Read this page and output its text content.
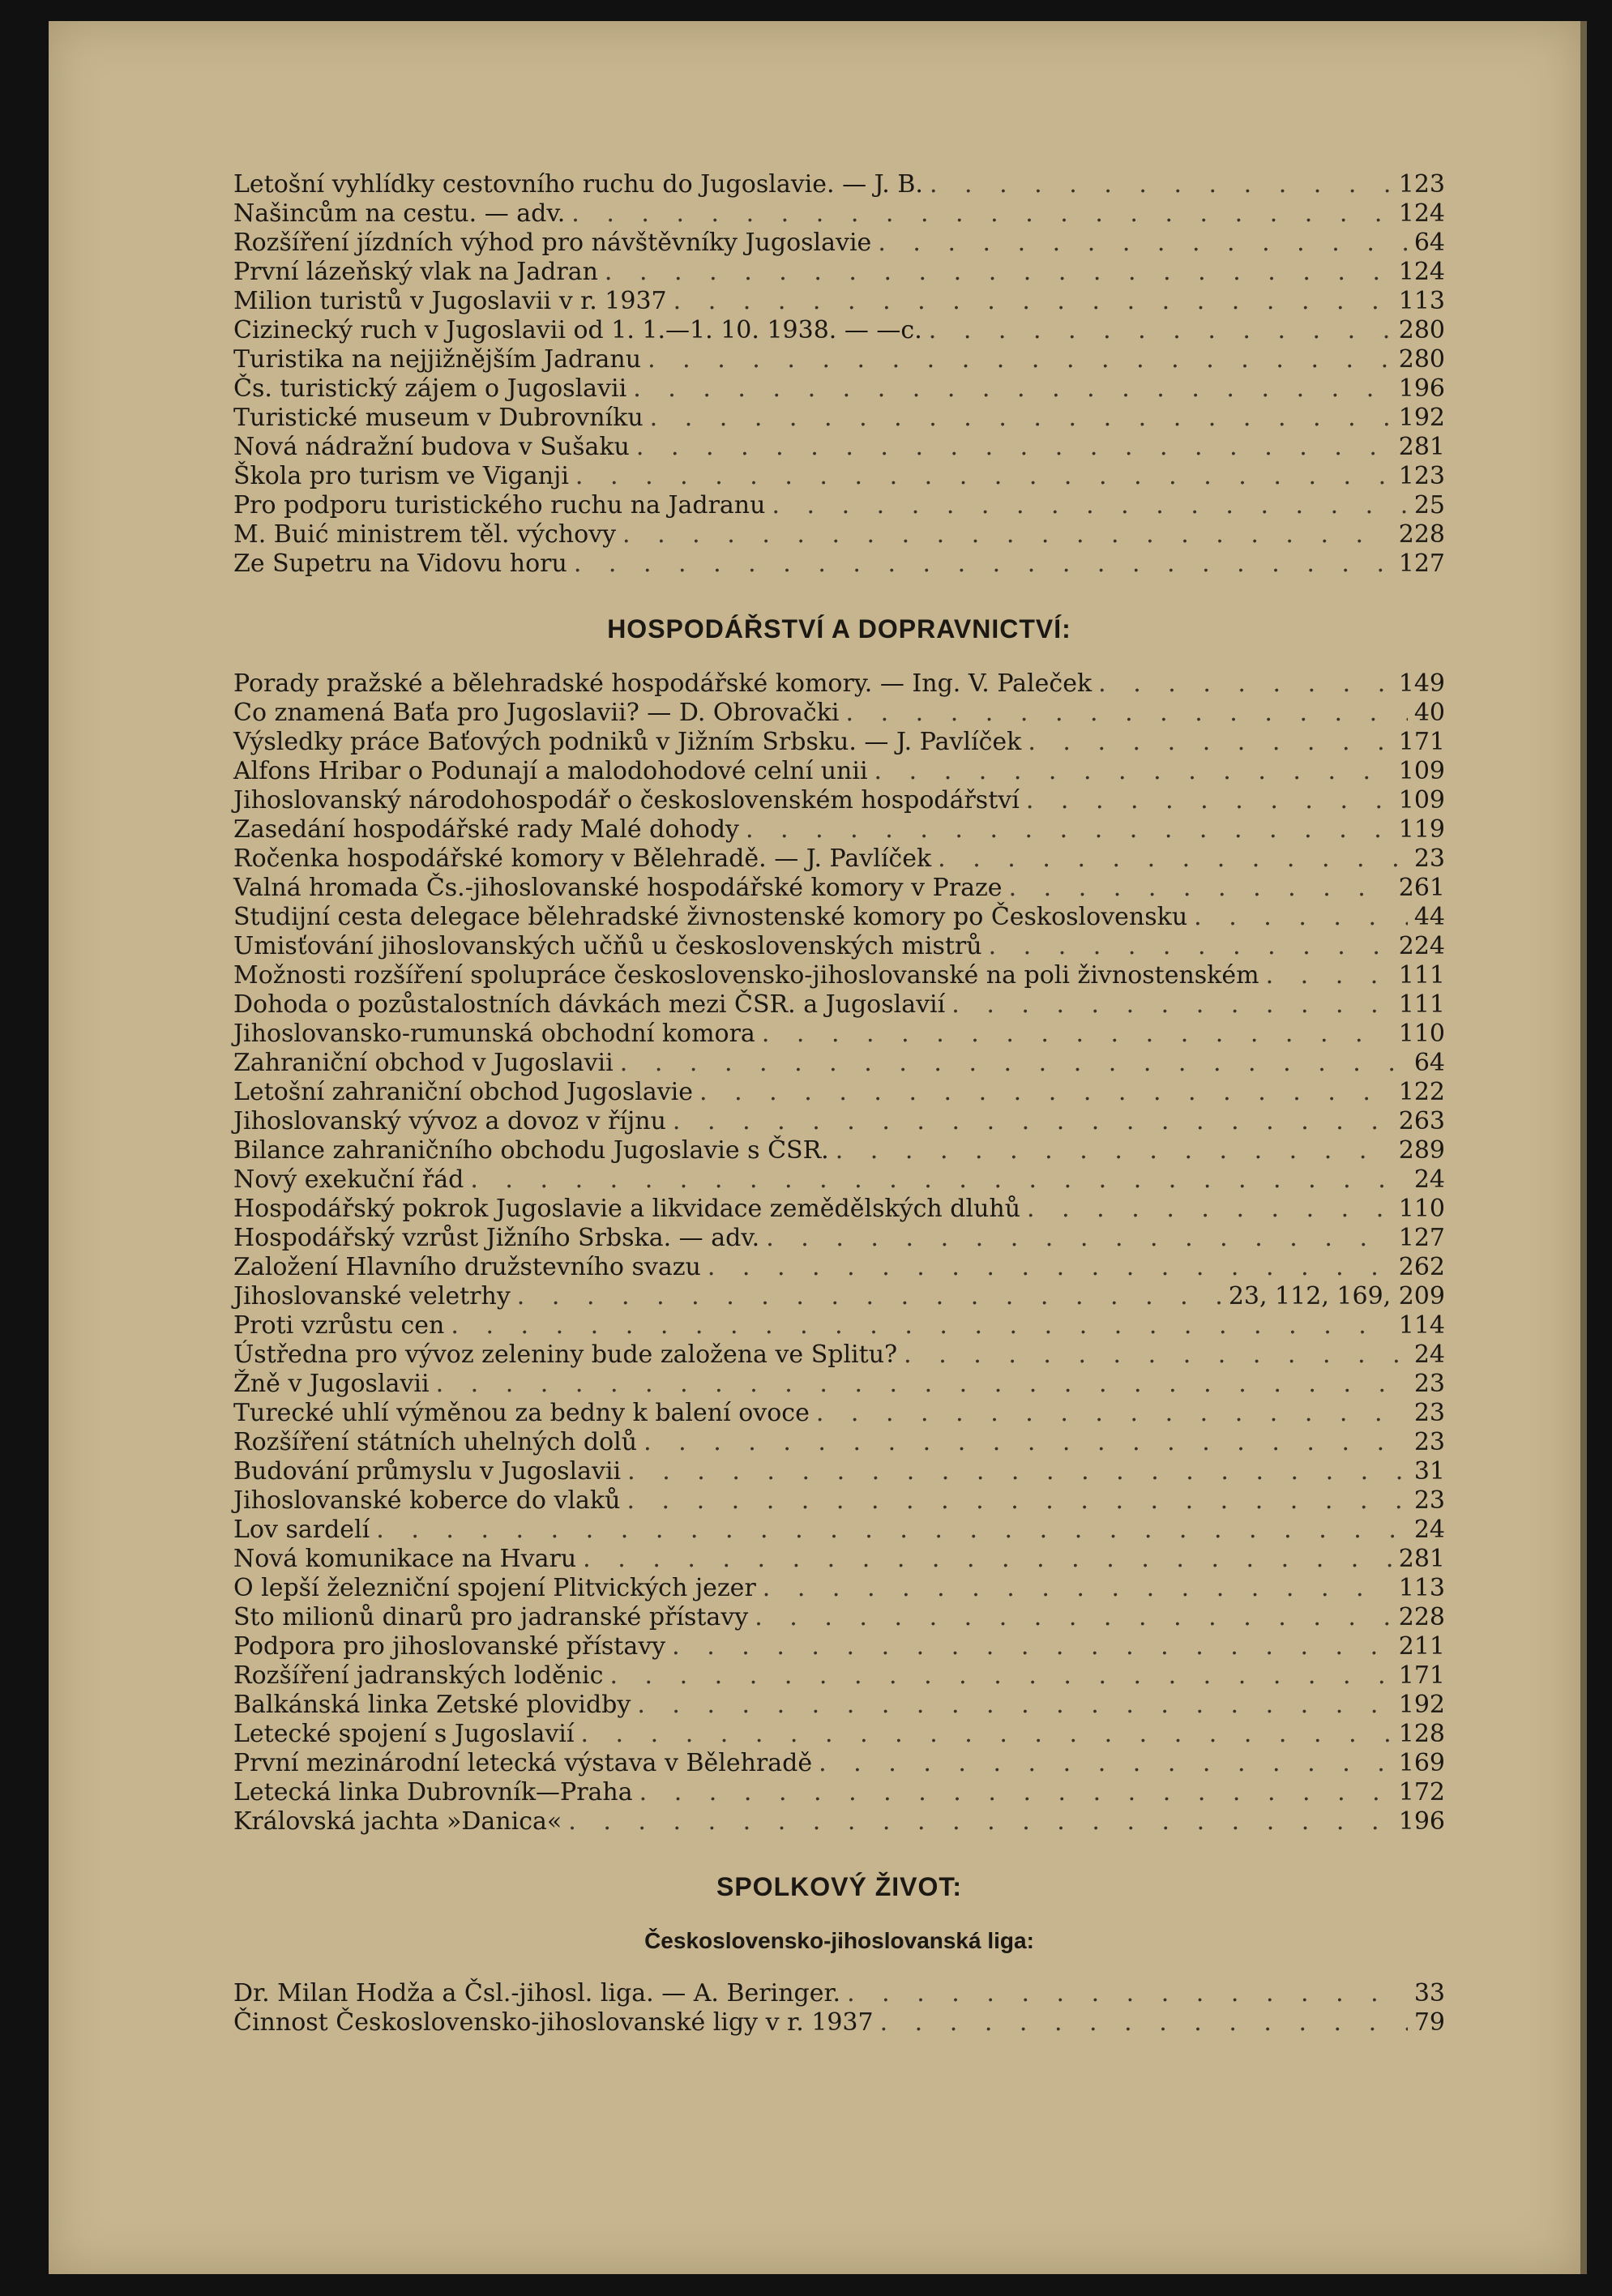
Letošní vyhlídky cestovního ruchu do Jugoslavie. — J. B. . . .	123
Našincům na cestu. — adv. . . .	124
Rozšíření jízdních výhod pro návštěvníky Jugoslavie . . .	64
První lázeňský vlak na Jadran . . .	124
Milion turistů v Jugoslavii v r. 1937 . . .	113
Cizinecký ruch v Jugoslavii od 1. 1.—1. 10. 1938. — —c. . . .	280
Turistika na nejjižnějším Jadranu . . .	280
Čs. turistický zájem o Jugoslavii . . .	196
Turistické museum v Dubrovníku . . .	192
Nová nádražní budova v Sušaku . . .	281
Škola pro turism ve Viganji . . .	123
Pro podporu turistického ruchu na Jadranu . . .	25
M. Buić ministrem těl. výchovy . . .	228
Ze Supetru na Vidovu horu . . .	127
HOSPODÁŘSTVÍ A DOPRAVNICTVÍ:
Porady pražské a bělehradské hospodářské komory. — Ing. V. Paleček . . .	149
Co znamená Baťa pro Jugoslavii? — D. Obrovački . . .	40
Výsledky práce Baťových podniků v Jižním Srbsku. — J. Pavlíček . . .	171
Alfons Hribar o Podunají a malodohodové celní unii . . .	109
Jihoslovanský národohospodář o československém hospodářství . . .	109
Zasedání hospodářské rady Malé dohody . . .	119
Ročenka hospodářské komory v Bělehradě. — J. Pavlíček . . .	23
Valná hromada Čs.-jihoslovanské hospodářské komory v Praze . . .	261
Studijní cesta delegace bělehradské živnostenské komory po Československu . . .	44
Umisťování jihoslovanských učňů u československých mistrů . . .	224
Možnosti rozšíření spolupráce československo-jihoslovanské na poli živnostenském . . .	111
Dohoda o pozůstalostních dávkách mezi ČSR. a Jugoslavií . . .	111
Jihoslovansko-rumunská obchodní komora . . .	110
Zahraniční obchod v Jugoslavii . . .	64
Letošní zahraniční obchod Jugoslavie . . .	122
Jihoslovanský vývoz a dovoz v říjnu . . .	263
Bilance zahraničního obchodu Jugoslavie s ČSR. . . .	289
Nový exekuční řád . . .	24
Hospodářský pokrok Jugoslavie a likvidace zemědělských dluhů . . .	110
Hospodářský vzrůst Jižního Srbska. — adv. . . .	127
Založení Hlavního družstevního svazu . . .	262
Jihoslovanské veletrhy . . .	23, 112, 169, 209
Proti vzrůstu cen . . .	114
Ústředna pro vývoz zeleniny bude založena ve Splitu? . . .	24
Žně v Jugoslavii . . .	23
Turecké uhlí výměnou za bedny k balení ovoce . . .	23
Rozšíření státních uhelných dolů . . .	23
Budování průmyslu v Jugoslavii . . .	31
Jihoslovanské koberce do vlaků . . .	23
Lov sardelí . . .	24
Nová komunikace na Hvaru . . .	281
O lepší železniční spojení Plitvických jezer . . .	113
Sto milionů dinarů pro jadranské přístavy . . .	228
Podpora pro jihoslovanské přístavy . . .	211
Rozšíření jadranských loděnic . . .	171
Balkánská linka Zetské plovidby . . .	192
Letecké spojení s Jugoslavií . . .	128
První mezinárodní letecká výstava v Bělehradě . . .	169
Letecká linka Dubrovník—Praha . . .	172
Královská jachta »Danica« . . .	196
SPOLKOVÝ ŽIVOT:
Československo-jihoslovanská liga:
Dr. Milan Hodža a Čsl.-jihosl. liga. — A. Beringer. . . .	33
Činnost Československo-jihoslovanské ligy v r. 1937 . . .	79
